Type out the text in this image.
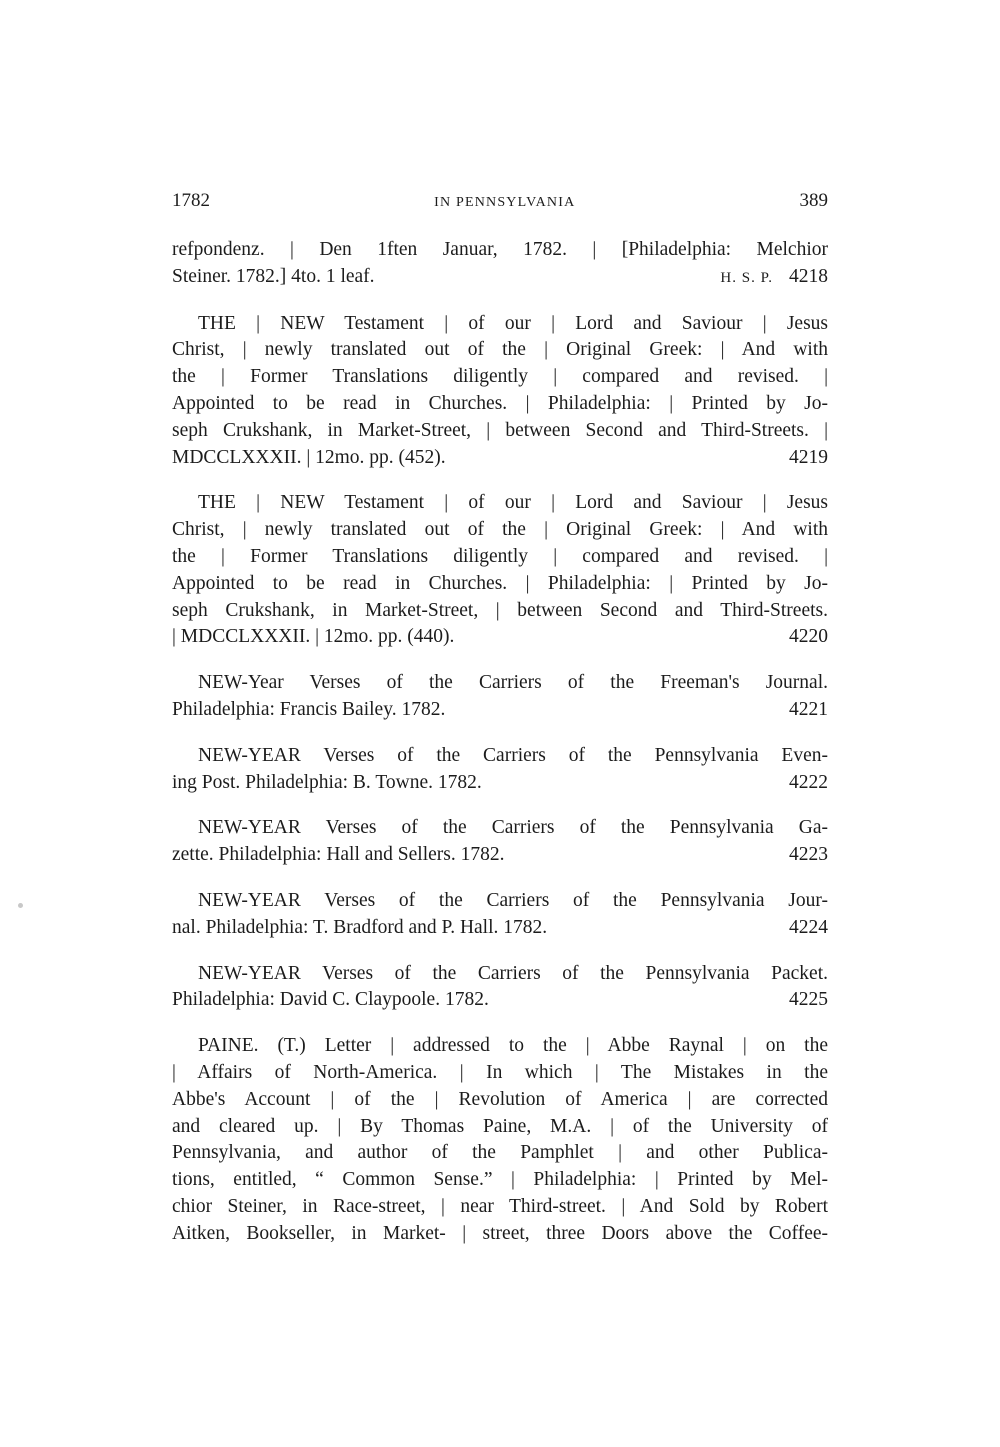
1782	IN PENNSYLVANIA	389
refpondenz. | Den 1ften Januar, 1782. | [Philadelphia: Melchior
Steiner. 1782.] 4to. 1 leaf.	H. S. P. 4218
THE | NEW Testament | of our | Lord and Saviour | Jesus
Christ, | newly translated out of the | Original Greek: | And with
the | Former Translations diligently | compared and revised. |
Appointed to be read in Churches. | Philadelphia: | Printed by Jo-
seph Crukshank, in Market-Street, | between Second and Third-Streets. |
MDCCLXXXII. | 12mo. pp. (452).	4219
THE | NEW Testament | of our | Lord and Saviour | Jesus
Christ, | newly translated out of the | Original Greek: | And with
the | Former Translations diligently | compared and revised. |
Appointed to be read in Churches. | Philadelphia: | Printed by Jo-
seph Crukshank, in Market-Street, | between Second and Third-Streets.
| MDCCLXXXII. | 12mo. pp. (440).	4220
NEW-Year Verses of the Carriers of the Freeman's Journal.
Philadelphia: Francis Bailey. 1782.	4221
NEW-YEAR Verses of the Carriers of the Pennsylvania Even-
ing Post. Philadelphia: B. Towne. 1782.	4222
NEW-YEAR Verses of the Carriers of the Pennsylvania Ga-
zette. Philadelphia: Hall and Sellers. 1782.	4223
NEW-YEAR Verses of the Carriers of the Pennsylvania Jour-
nal. Philadelphia: T. Bradford and P. Hall. 1782.	4224
NEW-YEAR Verses of the Carriers of the Pennsylvania Packet.
Philadelphia: David C. Claypoole. 1782.	4225
PAINE. (T.) Letter | addressed to the | Abbe Raynal | on the
| Affairs of North-America. | In which | The Mistakes in the
Abbe's Account | of the | Revolution of America | are corrected
and cleared up. | By Thomas Paine, M.A. | of the University of
Pennsylvania, and author of the Pamphlet | and other Publica-
tions, entitled, “ Common Sense.” | Philadelphia: | Printed by Mel-
chior Steiner, in Race-street, | near Third-street. | And Sold by Robert
Aitken, Bookseller, in Market- | street, three Doors above the Coffee-
